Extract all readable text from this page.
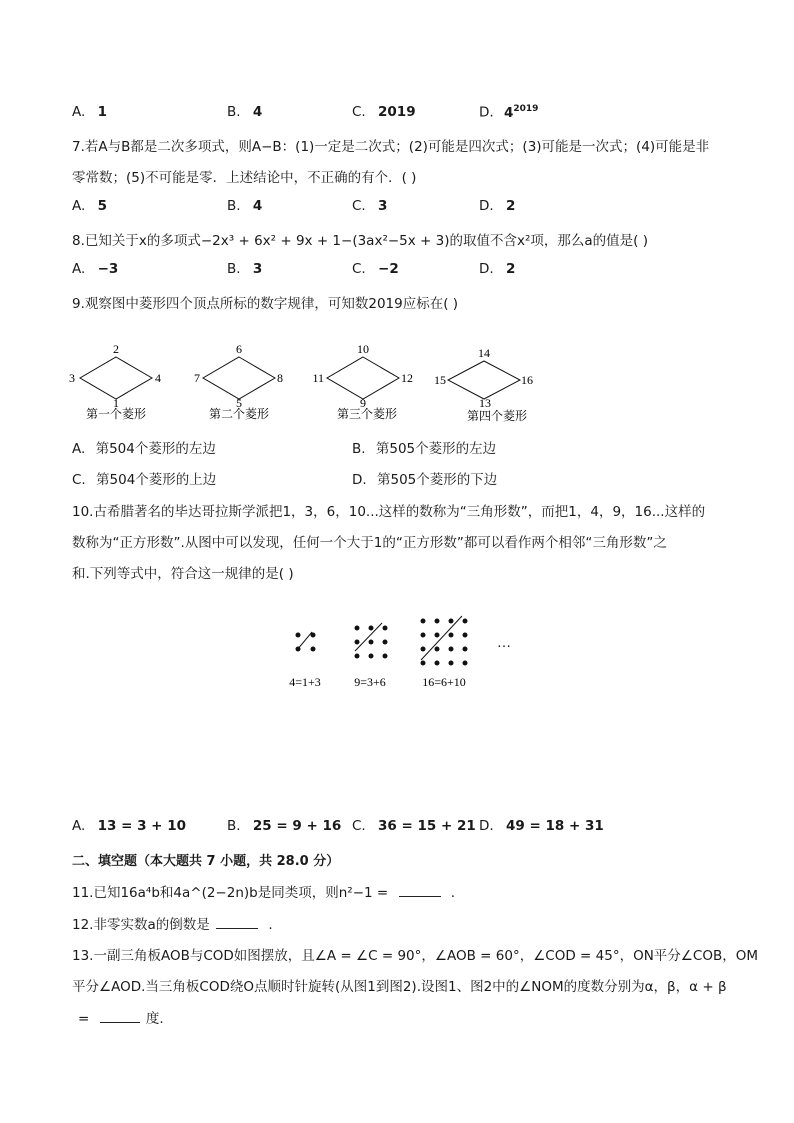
A. 1	B. 4	C. 2019	D. $4^{2019}$
7.若A与B都是二次多项式，则A−B：(1)一定是二次式；(2)可能是四次式；(3)可能是一次式；(4)可能是非
零常数；(5)不可能是零．上述结论中，不正确的有个．( )
A. 5	B. 4	C. 3	D. 2
8.已知关于x的多项式−2x³ + 6x² + 9x + 1−(3ax²−5x + 3)的取值不含x²项，那么a的值是( )
A. −3	B. 3	C. −2	D. 2
9.观察图中菱形四个顶点所标的数字规律，可知数2019应标在( )
2
3	4
1
第一个菱形
6
7	8
5
第二个菱形
10
11	12
9
第三个菱形
14
15	16
13
第四个菱形
A. 第504个菱形的左边	B. 第505个菱形的左边
C. 第504个菱形的上边	D. 第505个菱形的下边
10.古希腊著名的毕达哥拉斯学派把1，3，6，10...这样的数称为“三角形数”，而把1，4，9，16...这样的
数称为“正方形数”.从图中可以发现，任何一个大于1的“正方形数”都可以看作两个相邻“三角形数”之
和.下列等式中，符合这一规律的是( )
4=1+3	9=3+6	16=6+10
…
A. 13 = 3 + 10	B. 25 = 9 + 16 C. 36 = 15 + 21 D. 49 = 18 + 31
二、填空题（本大题共 7 小题，共 28.0 分）
11.已知16a⁴b和4a^(2−2n)b是同类项，则n²−1 =	.
12.非零实数a的倒数是	.
13.一副三角板AOB与COD如图摆放，且∠A = ∠C = 90°，∠AOB = 60°，∠COD = 45°，ON平分∠COB，OM
平分∠AOD.当三角板COD绕O点顺时针旋转(从图1到图2).设图1、图2中的∠NOM的度数分别为α，β，α + β
=	度.
